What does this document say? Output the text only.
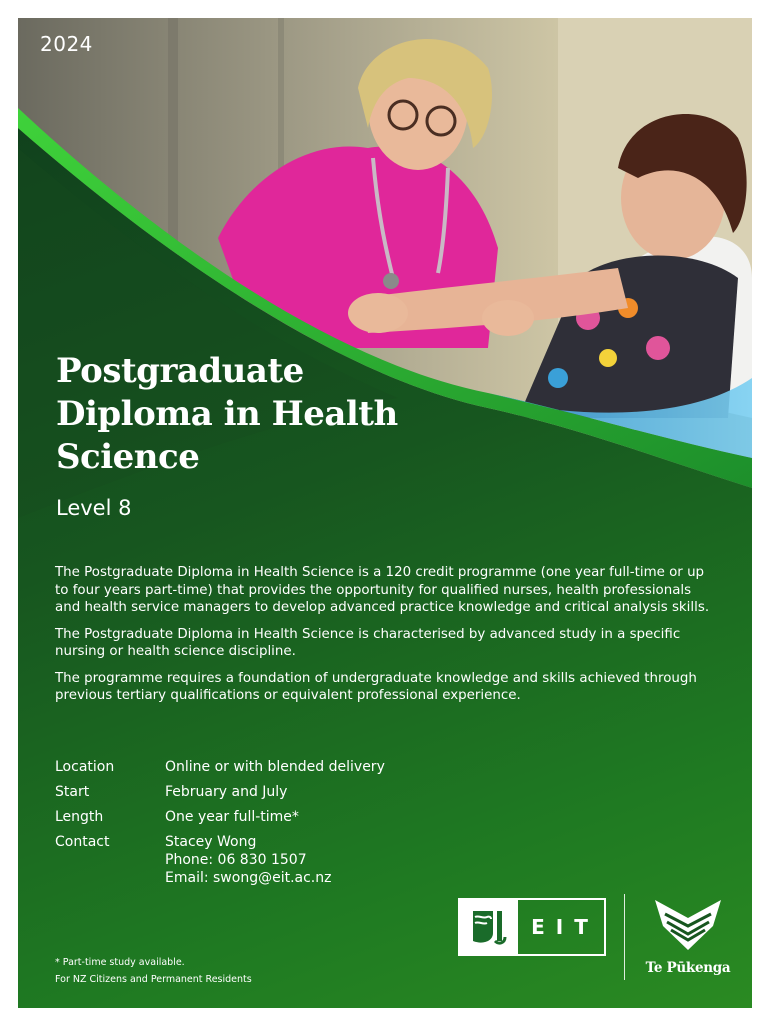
2024
Postgraduate
Diploma in Health
Science
Level 8

The Postgraduate Diploma in Health Science is a 120 credit programme (one year full-time or up to four years part-time) that provides the opportunity for qualified nurses, health professionals and health service managers to develop advanced practice knowledge and critical analysis skills.

The Postgraduate Diploma in Health Science is characterised by advanced study in a specific nursing or health science discipline.

The programme requires a foundation of undergraduate knowledge and skills achieved through previous tertiary qualifications or equivalent professional experience.

Location	Online or with blended delivery
Start	February and July
Length	One year full-time*
Contact	Stacey Wong
Phone: 06 830 1507
Email: swong@eit.ac.nz
* Part-time study available.
For NZ Citizens and Permanent Residents
EIT
Te Pūkenga
